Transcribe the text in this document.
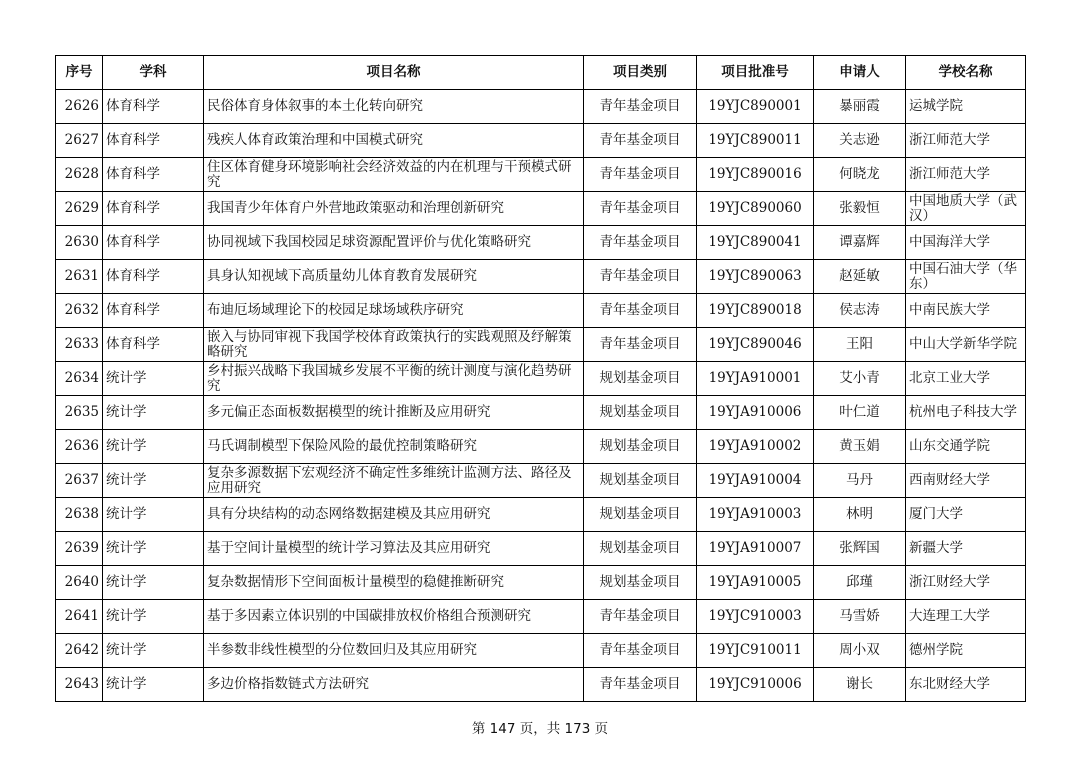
序号	学科	项目名称	项目类别	项目批准号	申请人	学校名称
2626	体育科学	民俗体育身体叙事的本土化转向研究	青年基金项目	19YJC890001	暴丽霞	运城学院
2627	体育科学	残疾人体育政策治理和中国模式研究	青年基金项目	19YJC890011	关志逊	浙江师范大学
2628	体育科学	住区体育健身环境影响社会经济效益的内在机理与干预模式研究	青年基金项目	19YJC890016	何晓龙	浙江师范大学
2629	体育科学	我国青少年体育户外营地政策驱动和治理创新研究	青年基金项目	19YJC890060	张毅恒	中国地质大学（武汉）
2630	体育科学	协同视域下我国校园足球资源配置评价与优化策略研究	青年基金项目	19YJC890041	谭嘉辉	中国海洋大学
2631	体育科学	具身认知视域下高质量幼儿体育教育发展研究	青年基金项目	19YJC890063	赵延敏	中国石油大学（华东）
2632	体育科学	布迪厄场域理论下的校园足球场域秩序研究	青年基金项目	19YJC890018	侯志涛	中南民族大学
2633	体育科学	嵌入与协同审视下我国学校体育政策执行的实践观照及纾解策略研究	青年基金项目	19YJC890046	王阳	中山大学新华学院
2634	统计学	乡村振兴战略下我国城乡发展不平衡的统计测度与演化趋势研究	规划基金项目	19YJA910001	艾小青	北京工业大学
2635	统计学	多元偏正态面板数据模型的统计推断及应用研究	规划基金项目	19YJA910006	叶仁道	杭州电子科技大学
2636	统计学	马氏调制模型下保险风险的最优控制策略研究	规划基金项目	19YJA910002	黄玉娟	山东交通学院
2637	统计学	复杂多源数据下宏观经济不确定性多维统计监测方法、路径及应用研究	规划基金项目	19YJA910004	马丹	西南财经大学
2638	统计学	具有分块结构的动态网络数据建模及其应用研究	规划基金项目	19YJA910003	林明	厦门大学
2639	统计学	基于空间计量模型的统计学习算法及其应用研究	规划基金项目	19YJA910007	张辉国	新疆大学
2640	统计学	复杂数据情形下空间面板计量模型的稳健推断研究	规划基金项目	19YJA910005	邱瑾	浙江财经大学
2641	统计学	基于多因素立体识别的中国碳排放权价格组合预测研究	青年基金项目	19YJC910003	马雪娇	大连理工大学
2642	统计学	半参数非线性模型的分位数回归及其应用研究	青年基金项目	19YJC910011	周小双	德州学院
2643	统计学	多边价格指数链式方法研究	青年基金项目	19YJC910006	谢长	东北财经大学
第 147 页，共 173 页
